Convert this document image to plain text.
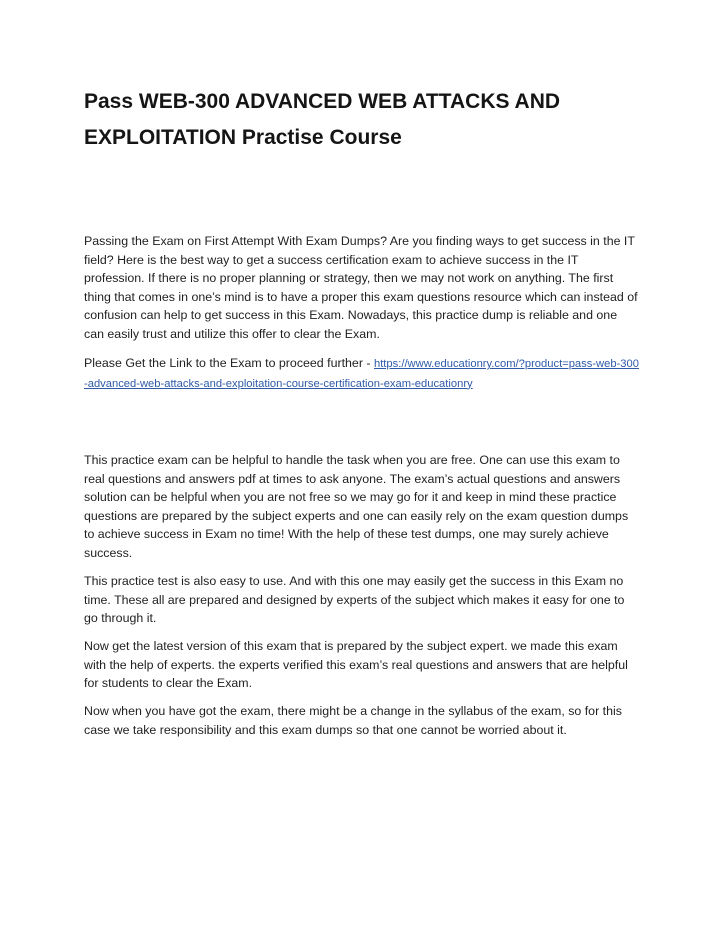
Pass WEB-300 ADVANCED WEB ATTACKS AND EXPLOITATION Practise Course

Passing the Exam on First Attempt With Exam Dumps? Are you finding ways to get success in the IT field? Here is the best way to get a success certification exam to achieve success in the IT profession. If there is no proper planning or strategy, then we may not work on anything. The first thing that comes in one’s mind is to have a proper this exam questions resource which can instead of confusion can help to get success in this Exam. Nowadays, this practice dump is reliable and one can easily trust and utilize this offer to clear the Exam.

Please Get the Link to the Exam to proceed further - https://www.educationry.com/?product=pass-web-300-advanced-web-attacks-and-exploitation-course-certification-exam-educationry

This practice exam can be helpful to handle the task when you are free. One can use this exam to real questions and answers pdf at times to ask anyone. The exam’s actual questions and answers solution can be helpful when you are not free so we may go for it and keep in mind these practice questions are prepared by the subject experts and one can easily rely on the exam question dumps to achieve success in Exam no time! With the help of these test dumps, one may surely achieve success.

This practice test is also easy to use. And with this one may easily get the success in this Exam no time. These all are prepared and designed by experts of the subject which makes it easy for one to go through it.

Now get the latest version of this exam that is prepared by the subject expert. we made this exam with the help of experts. the experts verified this exam’s real questions and answers that are helpful for students to clear the Exam.

Now when you have got the exam, there might be a change in the syllabus of the exam, so for this case we take responsibility and this exam dumps so that one cannot be worried about it.
